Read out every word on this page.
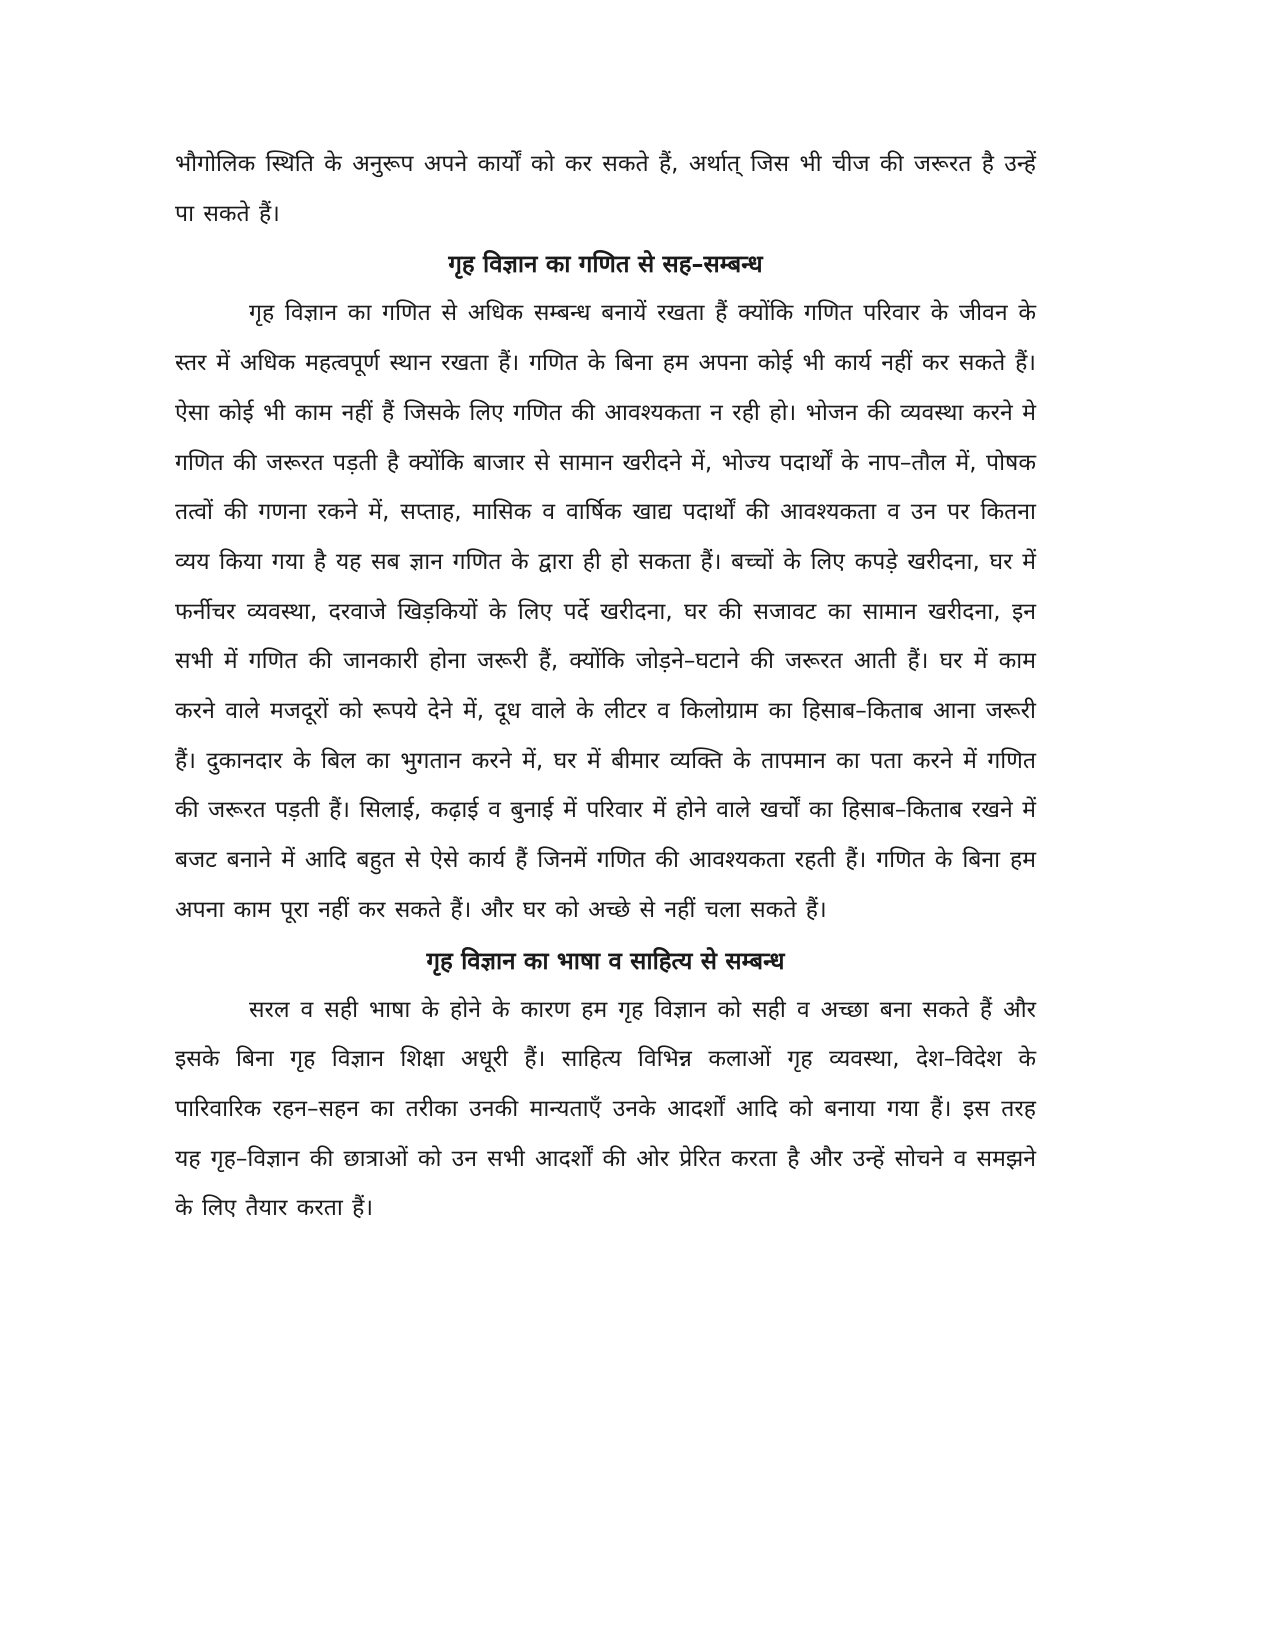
भौगोलिक स्थिति के अनुरूप अपने कार्यों को कर सकते हैं, अर्थात् जिस भी चीज की जरूरत है उन्हें पा सकते हैं।

गृह विज्ञान का गणित से सह–सम्बन्ध

गृह विज्ञान का गणित से अधिक सम्बन्ध बनायें रखता हैं क्योंकि गणित परिवार के जीवन के स्तर में अधिक महत्वपूर्ण स्थान रखता हैं। गणित के बिना हम अपना कोई भी कार्य नहीं कर सकते हैं। ऐसा कोई भी काम नहीं हैं जिसके लिए गणित की आवश्यकता न रही हो। भोजन की व्यवस्था करने मे गणित की जरूरत पड़ती है क्योंकि बाजार से सामान खरीदने में, भोज्य पदार्थों के नाप–तौल में, पोषक तत्वों की गणना रकने में, सप्ताह, मासिक व वार्षिक खाद्य पदार्थों की आवश्यकता व उन पर कितना व्यय किया गया है यह सब ज्ञान गणित के द्वारा ही हो सकता हैं। बच्चों के लिए कपड़े खरीदना, घर में फर्नीचर व्यवस्था, दरवाजे खिड़कियों के लिए पर्दे खरीदना, घर की सजावट का सामान खरीदना, इन सभी में गणित की जानकारी होना जरूरी हैं, क्योंकि जोड़ने–घटाने की जरूरत आती हैं। घर में काम करने वाले मजदूरों को रूपये देने में, दूध वाले के लीटर व किलोग्राम का हिसाब–किताब आना जरूरी हैं। दुकानदार के बिल का भुगतान करने में, घर में बीमार व्यक्ति के तापमान का पता करने में गणित की जरूरत पड़ती हैं। सिलाई, कढ़ाई व बुनाई में परिवार में होने वाले खर्चों का हिसाब–किताब रखने में बजट बनाने में आदि बहुत से ऐसे कार्य हैं जिनमें गणित की आवश्यकता रहती हैं। गणित के बिना हम अपना काम पूरा नहीं कर सकते हैं। और घर को अच्छे से नहीं चला सकते हैं।

गृह विज्ञान का भाषा व साहित्य से सम्बन्ध

सरल व सही भाषा के होने के कारण हम गृह विज्ञान को सही व अच्छा बना सकते हैं और इसके बिना गृह विज्ञान शिक्षा अधूरी हैं। साहित्य विभिन्न कलाओं गृह व्यवस्था, देश–विदेश के पारिवारिक रहन–सहन का तरीका उनकी मान्यताएँ उनके आदर्शों आदि को बनाया गया हैं। इस तरह यह गृह–विज्ञान की छात्राओं को उन सभी आदर्शों की ओर प्रेरित करता है और उन्हें सोचने व समझने के लिए तैयार करता हैं।
